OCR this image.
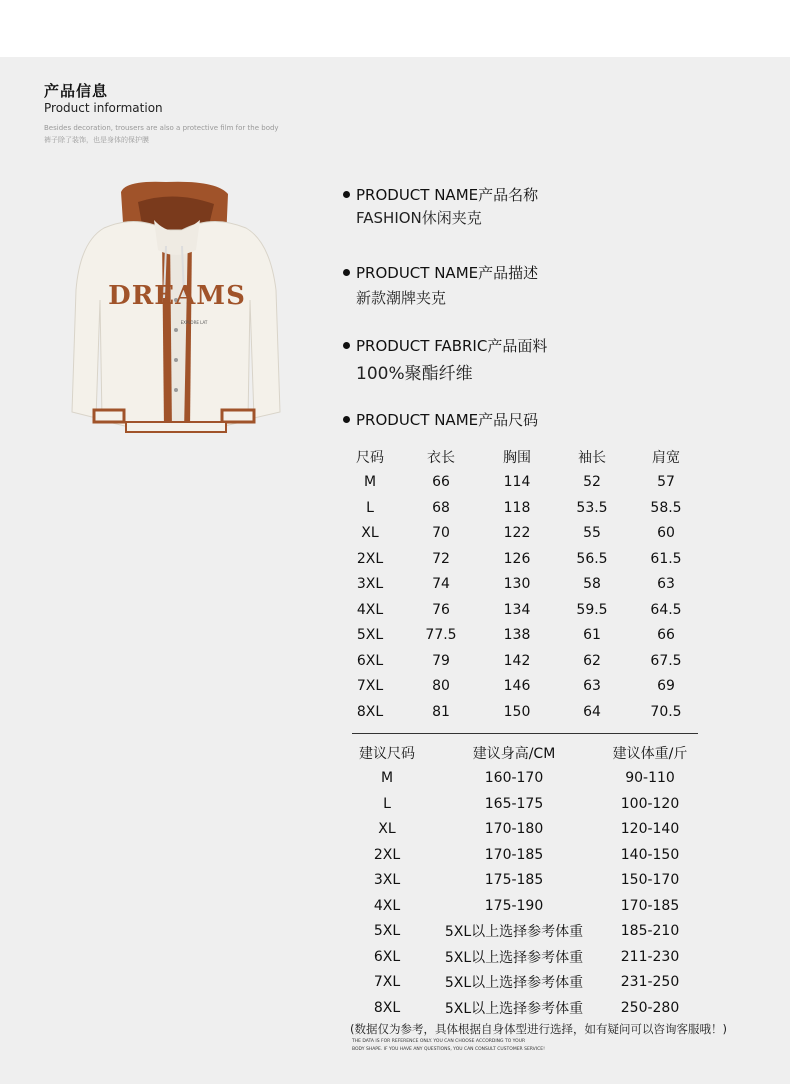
产品信息
Product information
Besides decoration, trousers are also a protective film for the body
裤子除了装饰，也是身体的保护膜
DREAMS
EXPLORE LAT
PRODUCT NAME产品名称
FASHION休闲夹克
PRODUCT NAME产品描述
新款潮牌夹克
PRODUCT FABRIC产品面料
100%聚酯纤维
PRODUCT NAME产品尺码
尺码	衣长	胸围	袖长	肩宽
M	66	114	52	57
L	68	118	53.5	58.5
XL	70	122	55	60
2XL	72	126	56.5	61.5
3XL	74	130	58	63
4XL	76	134	59.5	64.5
5XL	77.5	138	61	66
6XL	79	142	62	67.5
7XL	80	146	63	69
8XL	81	150	64	70.5
建议尺码	建议身高/CM	建议体重/斤
M	160-170	90-110
L	165-175	100-120
XL	170-180	120-140
2XL	170-185	140-150
3XL	175-185	150-170
4XL	175-190	170-185
5XL	5XL以上选择参考体重	185-210
6XL	5XL以上选择参考体重	211-230
7XL	5XL以上选择参考体重	231-250
8XL	5XL以上选择参考体重	250-280
(数据仅为参考，具体根据自身体型进行选择，如有疑问可以咨询客服哦！)
THE DATA IS FOR REFERENCE ONLY. YOU CAN CHOOSE ACCORDING TO YOUR
BODY SHAPE. IF YOU HAVE ANY QUESTIONS, YOU CAN CONSULT CUSTOMER SERVICE!
